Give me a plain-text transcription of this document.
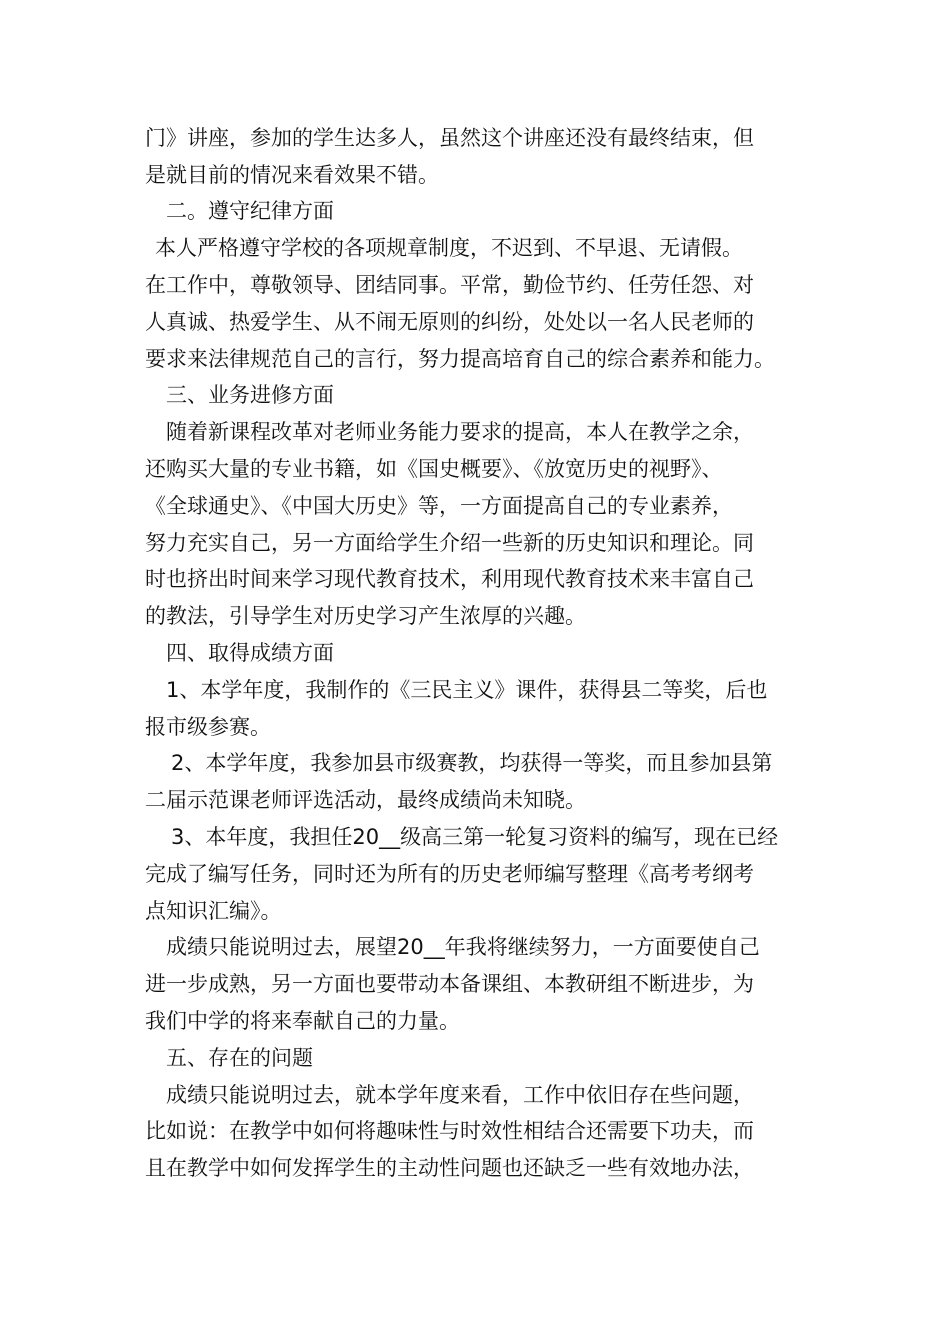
门》讲座，参加的学生达多人，虽然这个讲座还没有最终结束，但
是就目前的情况来看效果不错。
二。遵守纪律方面
本人严格遵守学校的各项规章制度，不迟到、不早退、无请假。
在工作中，尊敬领导、团结同事。平常，勤俭节约、任劳任怨、对
人真诚、热爱学生、从不闹无原则的纠纷，处处以一名人民老师的
要求来法律规范自己的言行，努力提高培育自己的综合素养和能力。
三、业务进修方面
随着新课程改革对老师业务能力要求的提高，本人在教学之余，
还购买大量的专业书籍，如《国史概要》、《放宽历史的视野》、
《全球通史》、《中国大历史》等，一方面提高自己的专业素养，
努力充实自己，另一方面给学生介绍一些新的历史知识和理论。同
时也挤出时间来学习现代教育技术，利用现代教育技术来丰富自己
的教法，引导学生对历史学习产生浓厚的兴趣。
四、取得成绩方面
1、本学年度，我制作的《三民主义》课件，获得县二等奖，后也
报市级参赛。
2、本学年度，我参加县市级赛教，均获得一等奖，而且参加县第
二届示范课老师评选活动，最终成绩尚未知晓。
3、本年度，我担任20__级高三第一轮复习资料的编写，现在已经
完成了编写任务，同时还为所有的历史老师编写整理《高考考纲考
点知识汇编》。
成绩只能说明过去，展望20__年我将继续努力，一方面要使自己
进一步成熟，另一方面也要带动本备课组、本教研组不断进步，为
我们中学的将来奉献自己的力量。
五、存在的问题
成绩只能说明过去，就本学年度来看，工作中依旧存在些问题，
比如说：在教学中如何将趣味性与时效性相结合还需要下功夫，而
且在教学中如何发挥学生的主动性问题也还缺乏一些有效地办法，
